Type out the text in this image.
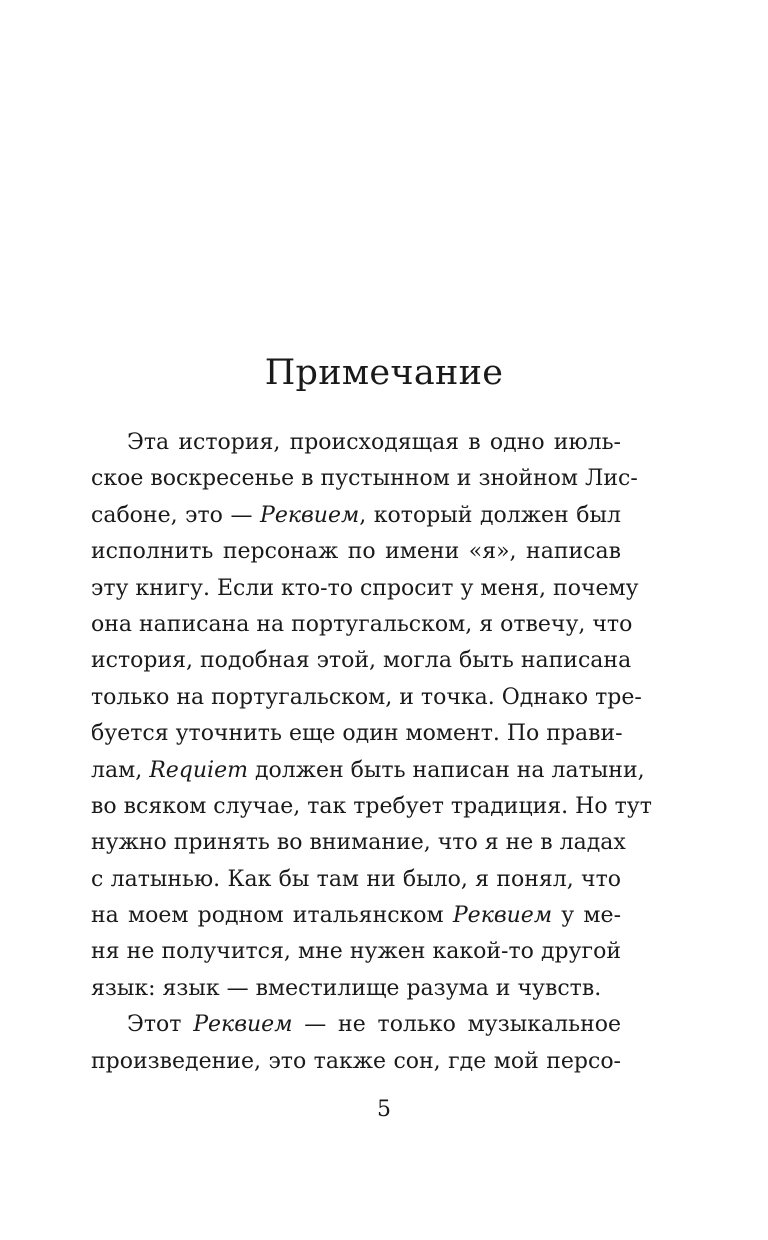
Примечание
Эта история, происходящая в одно июль-
ское воскресенье в пустынном и знойном Лис-
сабоне, это — Реквием, который должен был
исполнить персонаж по имени «я», написав
эту книгу. Если кто-то спросит у меня, почему
она написана на португальском, я отвечу, что
история, подобная этой, могла быть написана
только на португальском, и точка. Однако тре-
буется уточнить еще один момент. По прави-
лам, Requiem должен быть написан на латыни,
во всяком случае, так требует традиция. Но тут
нужно принять во внимание, что я не в ладах
с латынью. Как бы там ни было, я понял, что
на моем родном итальянском Реквием у ме-
ня не получится, мне нужен какой-то другой
язык: язык — вместилище разума и чувств.
Этот Реквием — не только музыкальное
произведение, это также сон, где мой персо-

5
